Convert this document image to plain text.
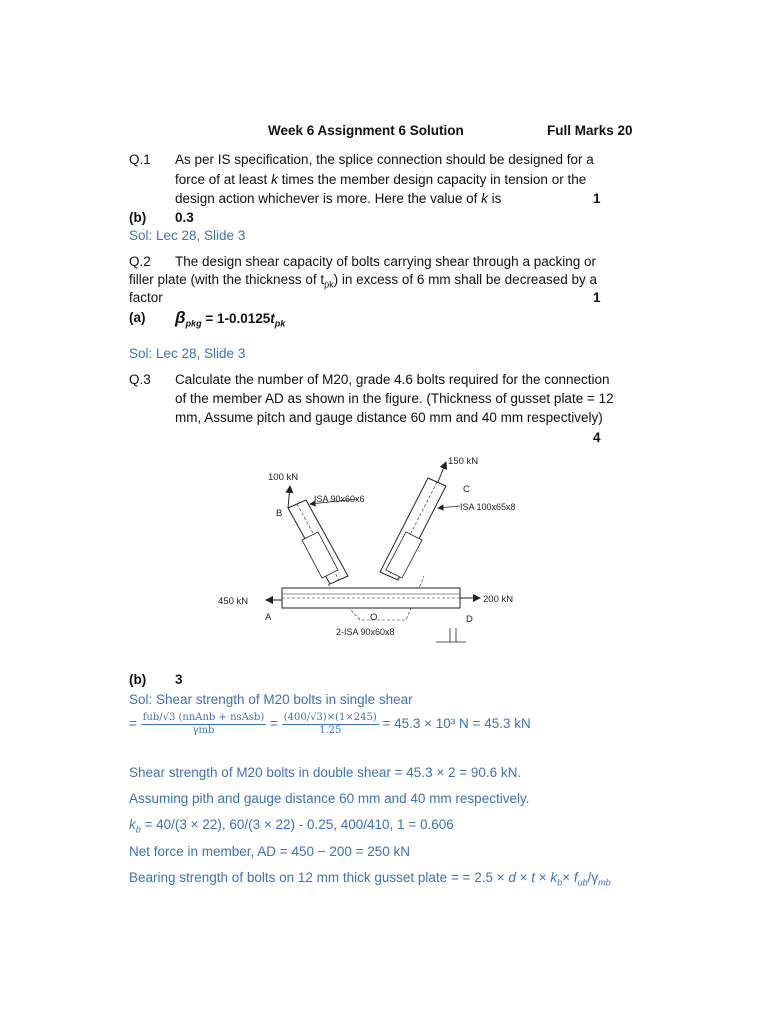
Week 6 Assignment 6 Solution	Full Marks 20
Q.1 As per IS specification, the splice connection should be designed for a
force of at least k times the member design capacity in tension or the
design action whichever is more. Here the value of k is	1
(b) 0.3
Sol: Lec 28, Slide 3
Q.2 The design shear capacity of bolts carrying shear through a packing or
filler plate (with the thickness of $t_{pk}$) in excess of 6 mm shall be decreased by a
factor	1
(a) $\beta_{pkg} = 1-0.0125t_{pk}$
Sol: Lec 28, Slide 3
Q.3 Calculate the number of M20, grade 4.6 bolts required for the connection
of the member AD as shown in the figure. (Thickness of gusset plate = 12
mm, Assume pitch and gauge distance 60 mm and 40 mm respectively)
4
100 kN
150 kN
450 kN	200 kN
B
C
A	O	D
ISA 90x60x6
ISA 100x65x8
2-ISA 90x60x8
(b) 3
Sol: Shear strength of M20 bolts in single shear
= $\frac{\text{fub/√3 (nnAnb + nsAsb)}}{\text{γmb}} = \frac{(400/√3)\times(1\times 245)}{1.25} = 45.3 \times 10^3$ N = 45.3 kN
Shear strength of M20 bolts in double shear = 45.3 × 2 = 90.6 kN.
Assuming pith and gauge distance 60 mm and 40 mm respectively.
$k_b = 40/(3 \times 22)$, 60/(3 × 22) - 0.25, 400/410, 1 = 0.606
Net force in member, AD = 450 − 200 = 250 kN
Bearing strength of bolts on 12 mm thick gusset plate = = $2.5 \times d \times t \times k_b\times f_{ub}/\gamma_{mb}$
